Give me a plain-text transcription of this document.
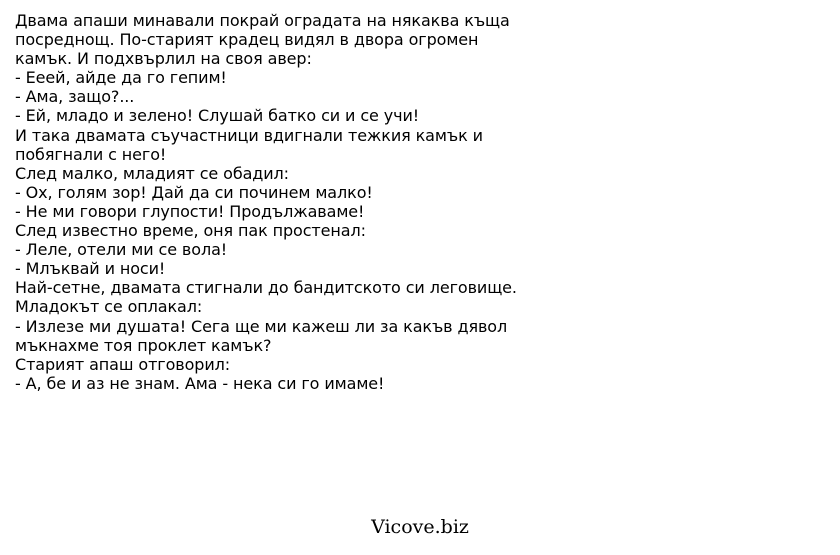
Двама апаши минавали покрай оградата на някаква къща
посреднощ. По-старият крадец видял в двора огромен
камък. И подхвърлил на своя авер:
- Ееей, айде да го гепим!
- Ама, защо?...
- Ей, младо и зелено! Слушай батко си и се учи!
И така двамата съучастници вдигнали тежкия камък и
побягнали с него!
След малко, младият се обадил:
- Ох, голям зор! Дай да си починем малко!
- Не ми говори глупости! Продължаваме!
След известно време, оня пак простенал:
- Леле, отели ми се вола!
- Млъквай и носи!
Най-сетне, двамата стигнали до бандитското си леговище.
Младокът се оплакал:
- Излезе ми душата! Сега ще ми кажеш ли за какъв дявол
мъкнахме тоя проклет камък?
Старият апаш отговорил:
- А, бе и аз не знам. Ама - нека си го имаме!
Vicove.biz
